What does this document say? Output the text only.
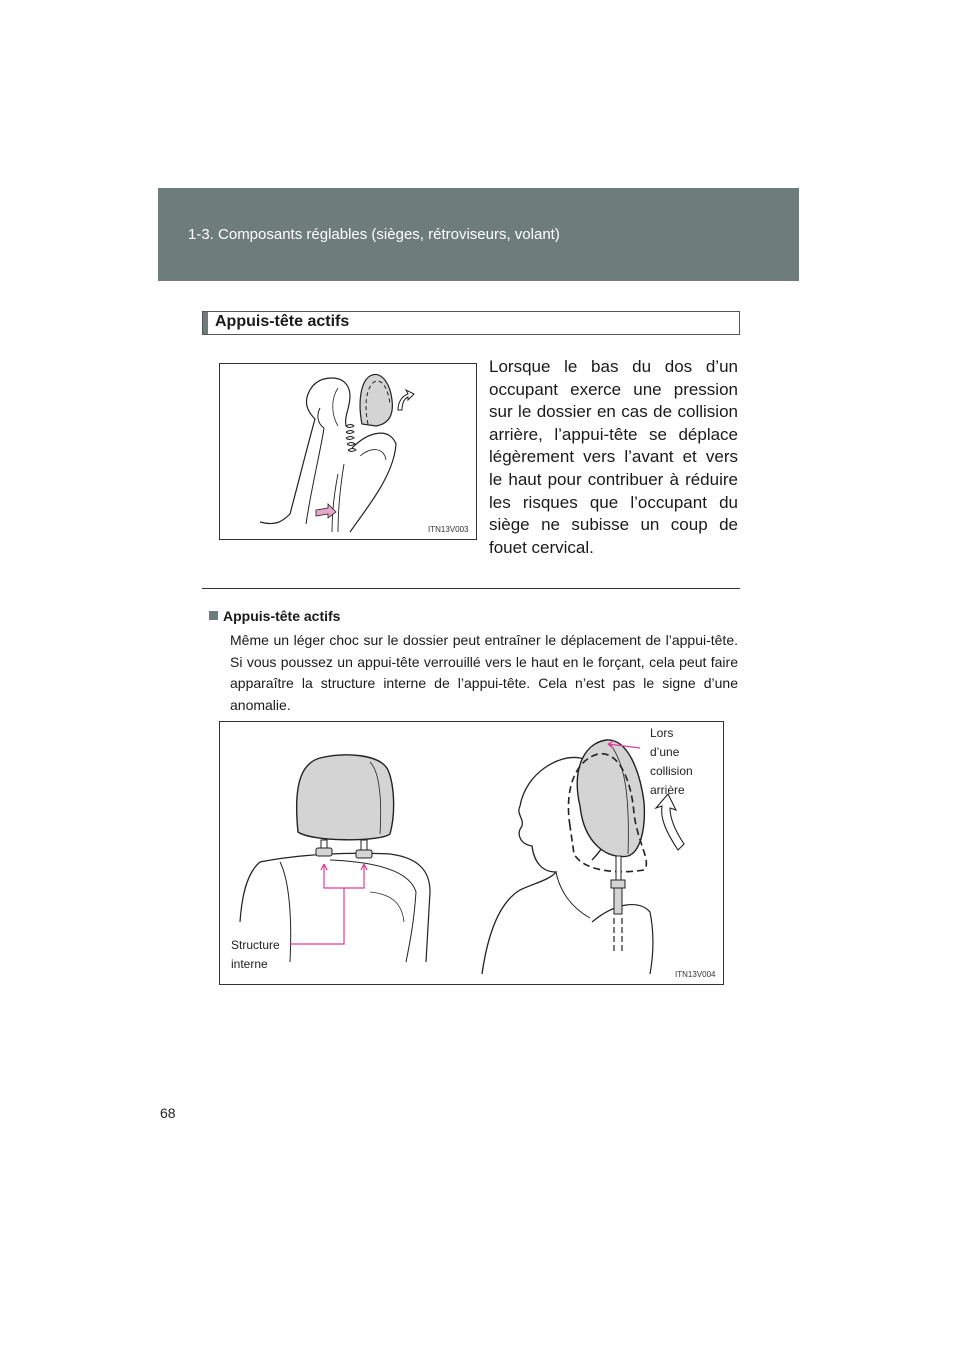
1-3. Composants réglables (sièges, rétroviseurs, volant)
Appuis-tête actifs
ITN13V003
Lorsque le bas du dos d’un occupant exerce une pression sur le dossier en cas de collision arrière, l’appui-tête se déplace légèrement vers l’avant et vers le haut pour contribuer à réduire les risques que l’occupant du siège ne subisse un coup de fouet cervical.
Appuis-tête actifs
Même un léger choc sur le dossier peut entraîner le déplacement de l’appui-tête. Si vous poussez un appui-tête verrouillé vers le haut en le forçant, cela peut faire apparaître la structure interne de l’appui-tête. Cela n’est pas le signe d’une anomalie.
Structure
interne
Lors
d’une
collision
arrière
ITN13V004
68
